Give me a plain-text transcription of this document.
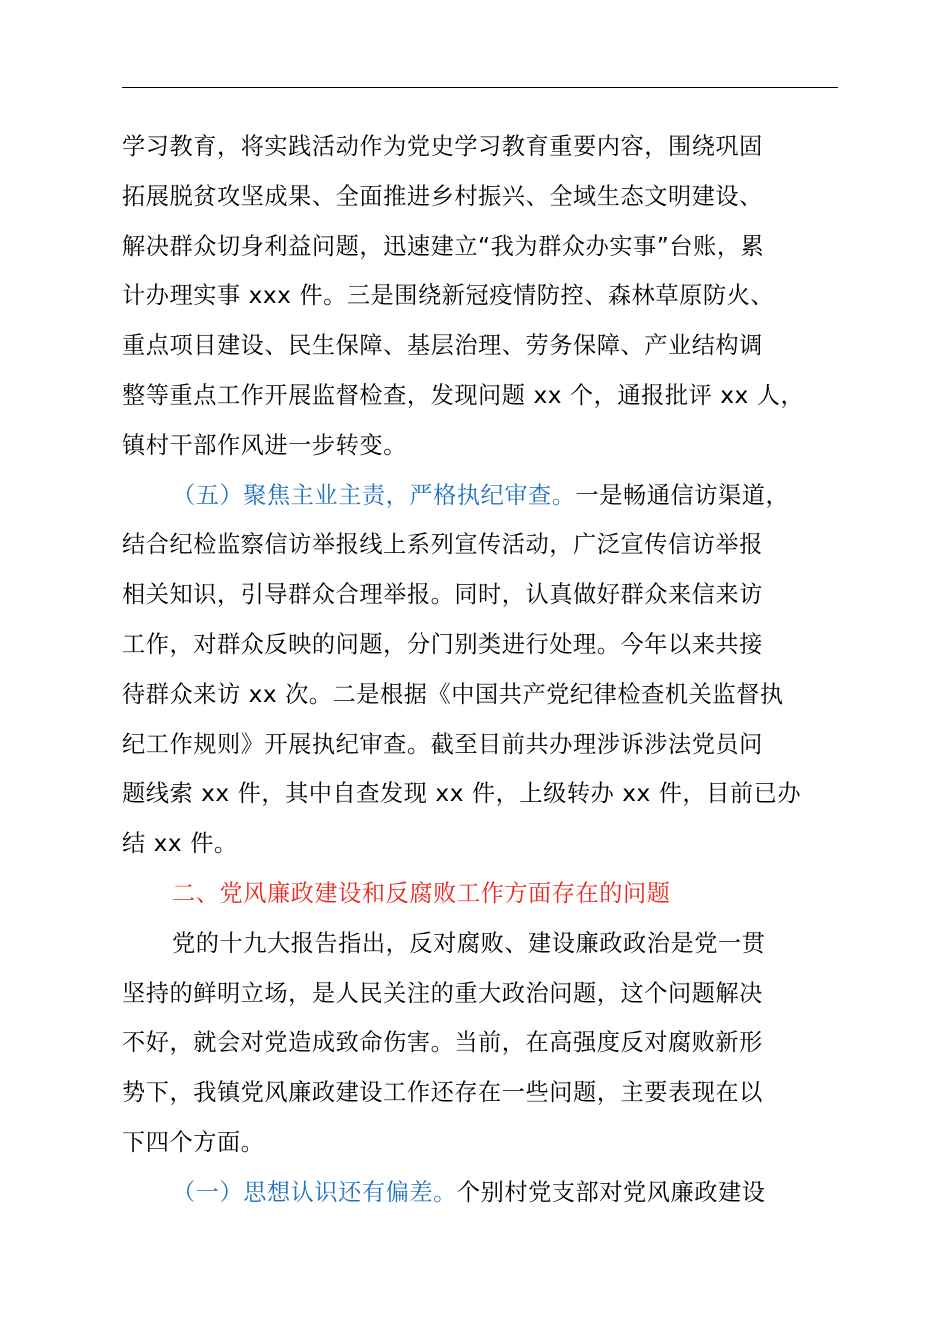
学习教育，将实践活动作为党史学习教育重要内容，围绕巩固
拓展脱贫攻坚成果、全面推进乡村振兴、全域生态文明建设、
解决群众切身利益问题，迅速建立“我为群众办实事”台账，累
计办理实事 xxx 件。三是围绕新冠疫情防控、森林草原防火、
重点项目建设、民生保障、基层治理、劳务保障、产业结构调
整等重点工作开展监督检查，发现问题 xx 个，通报批评 xx 人，
镇村干部作风进一步转变。
（五）聚焦主业主责，严格执纪审查。一是畅通信访渠道，
结合纪检监察信访举报线上系列宣传活动，广泛宣传信访举报
相关知识，引导群众合理举报。同时，认真做好群众来信来访
工作，对群众反映的问题，分门别类进行处理。今年以来共接
待群众来访 xx 次。二是根据《中国共产党纪律检查机关监督执
纪工作规则》开展执纪审查。截至目前共办理涉诉涉法党员问
题线索 xx 件，其中自查发现 xx 件，上级转办 xx 件，目前已办
结 xx 件。
二、党风廉政建设和反腐败工作方面存在的问题
党的十九大报告指出，反对腐败、建设廉政政治是党一贯
坚持的鲜明立场，是人民关注的重大政治问题，这个问题解决
不好，就会对党造成致命伤害。当前，在高强度反对腐败新形
势下，我镇党风廉政建设工作还存在一些问题，主要表现在以
下四个方面。
（一）思想认识还有偏差。个别村党支部对党风廉政建设
